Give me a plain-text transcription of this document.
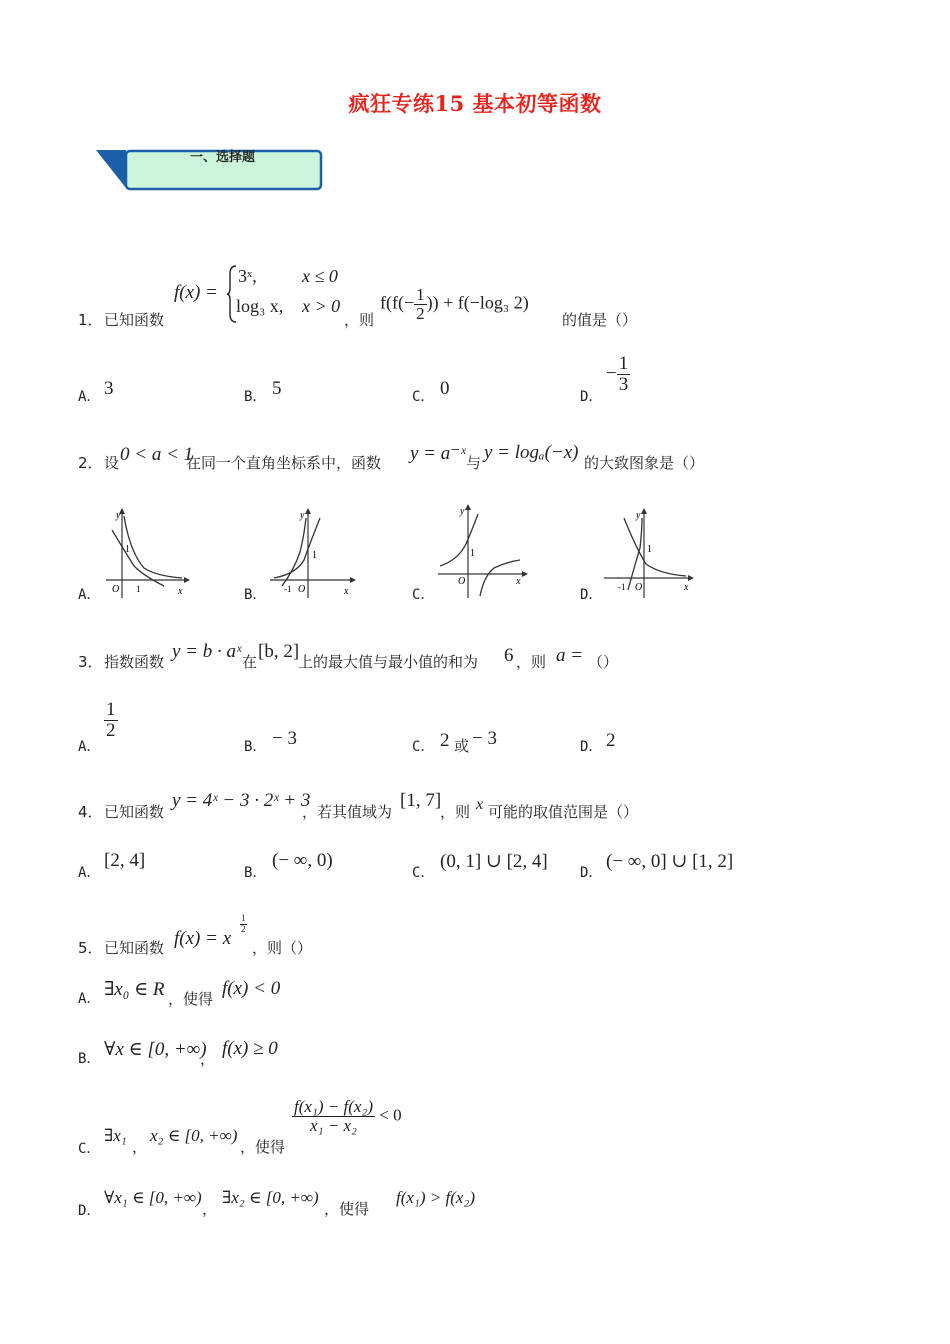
疯狂专练15 基本初等函数
一、选择题
1． 已知函数
f(x) =
3ˣ,	x ≤ 0
log₃ x, x > 0
，则
$f(f(- \frac{1}{2}$ )) + f(−log₃ 2)
的值是（）
A． 3	B． 5	C． 0	D．
− $\frac{1}{3}$
2． 设 0 < a < 1
在同一个直角坐标系中，函数 y = a⁻ˣ 与 y = logₐ(−x) 的大致图象是（）
A．
y
x
1
O 1	B．
y
x
1
O
-1	C．
y
x
1
O
D．
y
x
1
O
-1
3． 指数函数 y = b · aˣ 在 [b, 2]
上的最大值与最小值的和为 6 ，则 a = （）
A．
$\frac{1}{2}$
B． − 3	C． 2 或 − 3	D． 2
4． 已知函数
y = 4ˣ − 3 · 2ˣ + 3
，若其值域为
[1, 7]
，则 x 可能的取值范围是（）
A．
[2, 4]
B．
(− ∞, 0)
C．
(0, 1] ∪ [2, 4]
D．
(− ∞, 0] ∪ [1, 2]
5． 已知函数 f(x) = x
$\frac{1}{2}$
，则（）
A． ∃x₀ ∈ R ，使得 f(x) < 0
B． ∀x ∈ [0, +∞)
， f(x) ≥ 0
C．
∃x₁
，
x₂ ∈ [0, +∞)
，使得
$\frac{\text{f(x₁) − f(x₂)}}{\text{x₁ − x₂}} < 0$
D．
∀x₁ ∈ [0, +∞)
，
∃x₂ ∈ [0, +∞)
，使得
f(x₁) > f(x₂)
